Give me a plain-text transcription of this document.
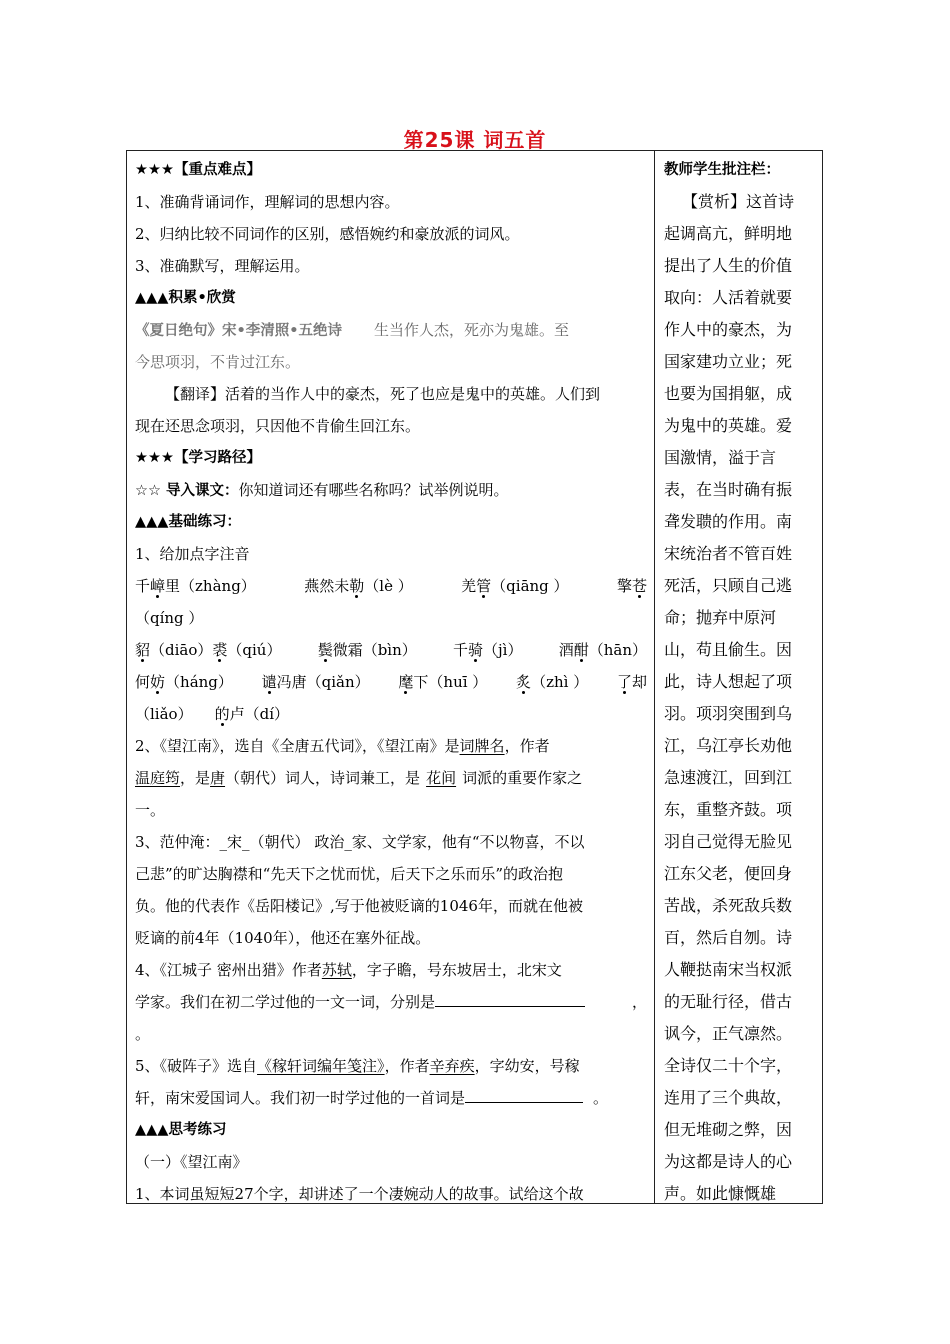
第25课 词五首
★★★【重点难点】
1、准确背诵词作，理解词的思想内容。
2、归纳比较不同词作的区别，感悟婉约和豪放派的词风。
3、准确默写，理解运用。
▲▲▲积累•欣赏
《夏日绝句》宋•李清照•五绝诗 生当作人杰，死亦为鬼雄。至
今思项羽，不肯过江东。
【翻译】活着的当作人中的豪杰，死了也应是鬼中的英雄。人们到
现在还思念项羽，只因他不肯偷生回江东。
★★★【学习路径】
☆☆ 导入课文：你知道词还有哪些名称吗？试举例说明。
▲▲▲基础练习：
1、给加点字注音
千嶂里（zhàng）	燕然未勒（lè ）	羌管（qiāng ）	擎苍
（qíng ）
貂（diāo）裘（qiú） 鬓微霜（bìn） 千骑（jì） 酒酣（hān）
何妨（háng） 谴冯唐（qiǎn） 麾下（huī ） 炙（zhì ） 了却
（liǎo） 的卢（dí）
2、《望江南》，选自《全唐五代词》，《望江南》是词牌名，作者
温庭筠，是唐（朝代）词人，诗词兼工，是 花间 词派的重要作家之
一。
3、范仲淹：_宋_（朝代） 政治_家、文学家，他有“不以物喜，不以
己悲”的旷达胸襟和“先天下之忧而忧，后天下之乐而乐”的政治抱
负。他的代表作《岳阳楼记》,写于他被贬谪的1046年，而就在他被
贬谪的前4年（1040年），他还在塞外征战。
4、《江城子 密州出猎》作者苏轼，字子瞻，号东坡居士，北宋文
学家。我们在初二学过他的一文一词，分别是	，
。
5、《破阵子》选自《稼轩词编年笺注》，作者辛弃疾，字幼安，号稼
轩，南宋爱国词人。我们初一时学过他的一首词是	。
▲▲▲思考练习
（一）《望江南》
1、本词虽短短27个字，却讲述了一个凄婉动人的故事。试给这个故
教师学生批注栏：
【赏析】这首诗
起调高亢，鲜明地
提出了人生的价值
取向：人活着就要
作人中的豪杰，为
国家建功立业；死
也要为国捐躯，成
为鬼中的英雄。爱
国激情，溢于言
表，在当时确有振
聋发聩的作用。南
宋统治者不管百姓
死活，只顾自己逃
命；抛弃中原河
山，苟且偷生。因
此，诗人想起了项
羽。项羽突围到乌
江，乌江亭长劝他
急速渡江，回到江
东，重整齐鼓。项
羽自己觉得无脸见
江东父老，便回身
苦战，杀死敌兵数
百，然后自刎。诗
人鞭挞南宋当权派
的无耻行径，借古
讽今，正气凛然。
全诗仅二十个字，
连用了三个典故，
但无堆砌之弊，因
为这都是诗人的心
声。如此慷慨雄
